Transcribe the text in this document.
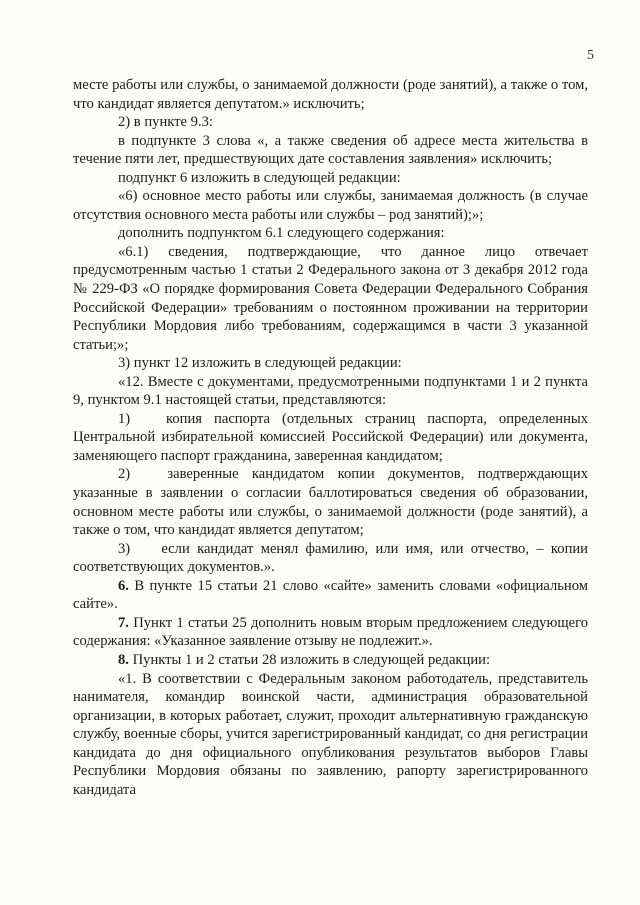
5

месте работы или службы, о занимаемой должности (роде занятий), а также о том, что кандидат является депутатом.» исключить;

2) в пункте 9.3:

в подпункте 3 слова «, а также сведения об адресе места жительства в течение пяти лет, предшествующих дате составления заявления» исключить;

подпункт 6 изложить в следующей редакции:

«6) основное место работы или службы, занимаемая должность (в случае отсутствия основного места работы или службы – род занятий);»;

дополнить подпунктом 6.1 следующего содержания:

«6.1) сведения, подтверждающие, что данное лицо отвечает предусмотренным частью 1 статьи 2 Федерального закона от 3 декабря 2012 года № 229-ФЗ «О порядке формирования Совета Федерации Федерального Собрания Российской Федерации» требованиям о постоянном проживании на территории Республики Мордовия либо требованиям, содержащимся в части 3 указанной статьи;»;

3) пункт 12 изложить в следующей редакции:

«12. Вместе с документами, предусмотренными подпунктами 1 и 2 пункта 9, пунктом 9.1 настоящей статьи, представляются:

1) копия паспорта (отдельных страниц паспорта, определенных Центральной избирательной комиссией Российской Федерации) или документа, заменяющего паспорт гражданина, заверенная кандидатом;

2)	заверенные кандидатом копии документов, подтверждающих указанные в заявлении о согласии баллотироваться сведения об образовании, основном месте работы или службы, о занимаемой должности (роде занятий), а также о том, что кандидат является депутатом;

3) если кандидат менял фамилию, или имя, или отчество, – копии соответствующих документов.».

6. В пункте 15 статьи 21 слово «сайте» заменить словами «официальном сайте».

7. Пункт 1 статьи 25 дополнить новым вторым предложением следующего содержания: «Указанное заявление отзыву не подлежит.».

8. Пункты 1 и 2 статьи 28 изложить в следующей редакции:

«1. В соответствии с Федеральным законом работодатель, представитель нанимателя, командир воинской части, администрация образовательной организации, в которых работает, служит, проходит альтернативную гражданскую службу, военные сборы, учится зарегистрированный кандидат, со дня регистрации кандидата до дня официального опубликования результатов выборов Главы Республики Мордовия обязаны по заявлению, рапорту зарегистрированного кандидата
